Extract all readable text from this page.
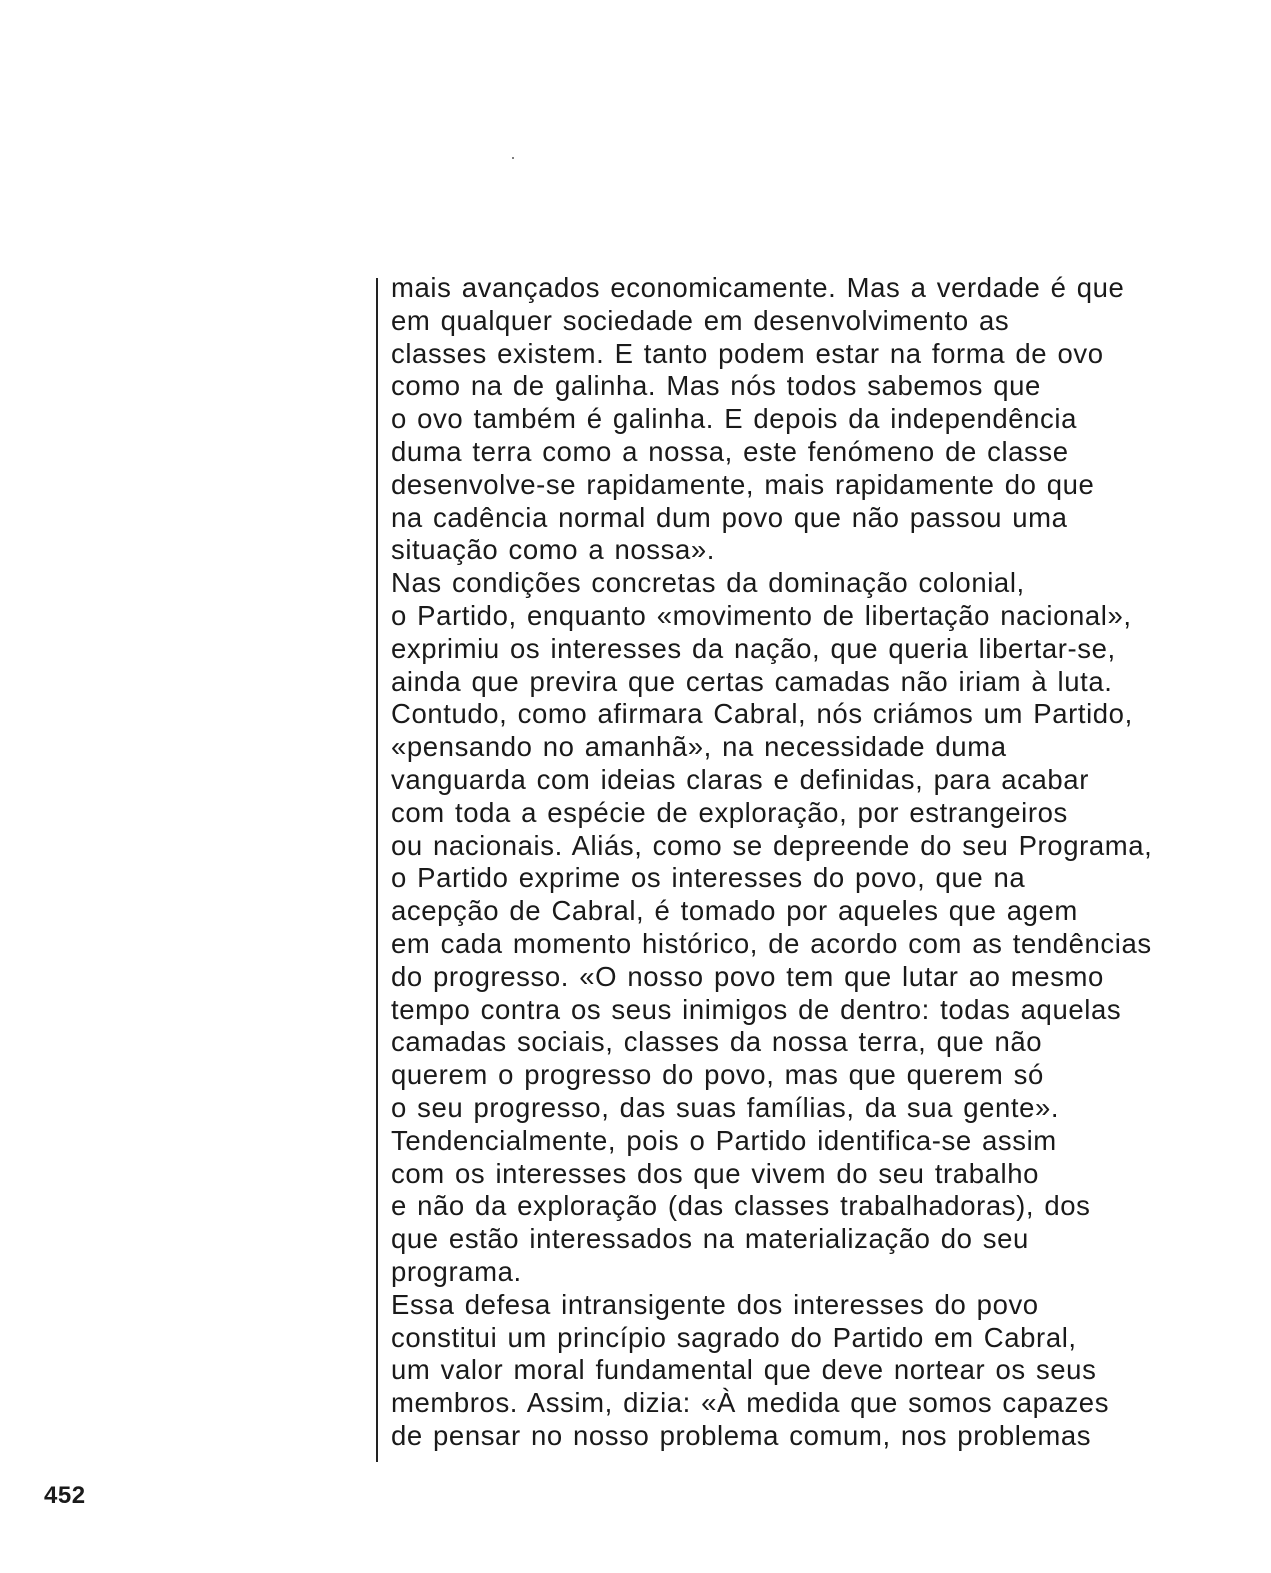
mais avançados economicamente. Mas a verdade é que
em qualquer sociedade em desenvolvimento as
classes existem. E tanto podem estar na forma de ovo
como na de galinha. Mas nós todos sabemos que
o ovo também é galinha. E depois da independência
duma terra como a nossa, este fenómeno de classe
desenvolve-se rapidamente, mais rapidamente do que
na cadência normal dum povo que não passou uma
situação como a nossa».
Nas condições concretas da dominação colonial,
o Partido, enquanto «movimento de libertação nacional»,
exprimiu os interesses da nação, que queria libertar-se,
ainda que previra que certas camadas não iriam à luta.
Contudo, como afirmara Cabral, nós criámos um Partido,
«pensando no amanhã», na necessidade duma
vanguarda com ideias claras e definidas, para acabar
com toda a espécie de exploração, por estrangeiros
ou nacionais. Aliás, como se depreende do seu Programa,
o Partido exprime os interesses do povo, que na
acepção de Cabral, é tomado por aqueles que agem
em cada momento histórico, de acordo com as tendências
do progresso. «O nosso povo tem que lutar ao mesmo
tempo contra os seus inimigos de dentro: todas aquelas
camadas sociais, classes da nossa terra, que não
querem o progresso do povo, mas que querem só
o seu progresso, das suas famílias, da sua gente».
Tendencialmente, pois o Partido identifica-se assim
com os interesses dos que vivem do seu trabalho
e não da exploração (das classes trabalhadoras), dos
que estão interessados na materialização do seu
programa.
Essa defesa intransigente dos interesses do povo
constitui um princípio sagrado do Partido em Cabral,
um valor moral fundamental que deve nortear os seus
membros. Assim, dizia: «À medida que somos capazes
de pensar no nosso problema comum, nos problemas
452
